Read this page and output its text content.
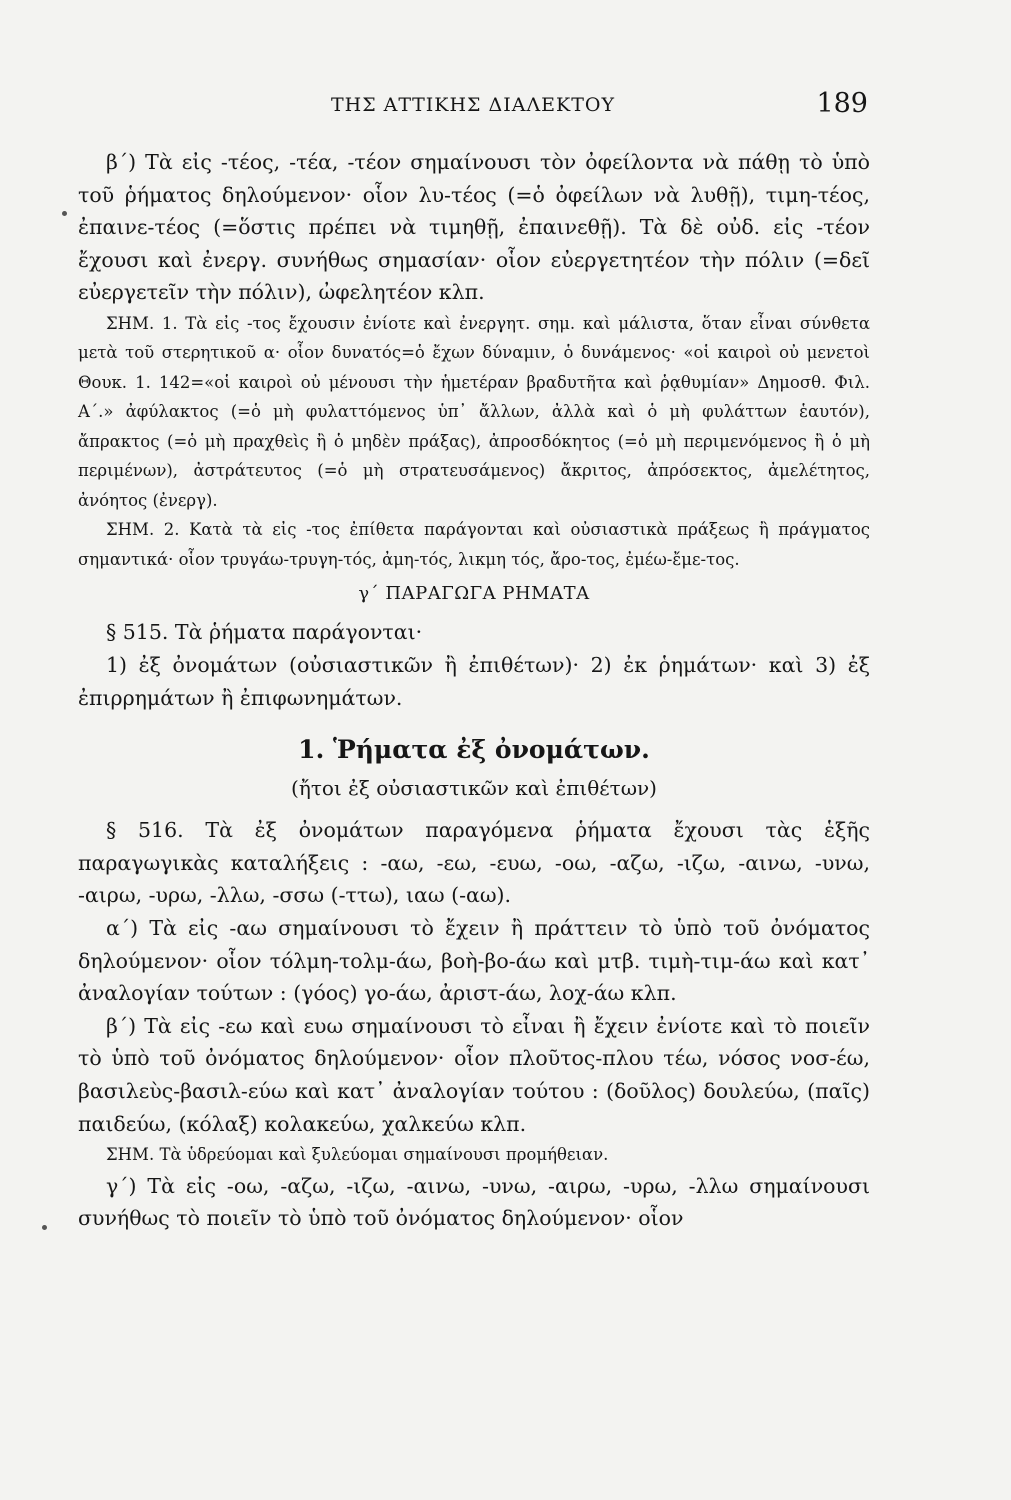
ΤΗΣ ΑΤΤΙΚΗΣ ΔΙΑΛΕΚΤΟΥ	189

β΄) Τὰ εἰς -τέος, -τέα, -τέον σημαίνουσι τὸν ὀφείλοντα νὰ πάθῃ τὸ ὑπὸ τοῦ ῥήματος δηλούμενον· οἷον λυ-τέος (=ὁ ὀφείλων νὰ λυθῇ), τιμη-τέος, ἐπαινε-τέος (=ὅστις πρέπει νὰ τιμηθῇ, ἐπαινεθῇ). Τὰ δὲ οὐδ. εἰς -τέον ἔχουσι καὶ ἐνεργ. συνήθως σημασίαν· οἷον εὐεργετητέον τὴν πόλιν (=δεῖ εὐεργετεῖν τὴν πόλιν), ὠφελητέον κλπ.

ΣΗΜ. 1. Τὰ εἰς -τος ἔχουσιν ἐνίοτε καὶ ἐνεργητ. σημ. καὶ μάλιστα, ὅταν εἶναι σύνθετα μετὰ τοῦ στερητικοῦ α· οἷον δυνατός=ὁ ἔχων δύναμιν, ὁ δυνάμενος· «οἱ καιροὶ οὐ μενετοὶ Θουκ. 1. 142=«οἱ καιροὶ οὐ μένουσι τὴν ἡμετέραν βραδυτῆτα καὶ ῥᾳθυμίαν» Δημοσθ. Φιλ. Α΄.» ἀφύλακτος (=ὁ μὴ φυλαττόμενος ὑπ᾽ ἄλλων, ἀλλὰ καὶ ὁ μὴ φυλάττων ἑαυτόν), ἄπρακτος (=ὁ μὴ πραχθεὶς ἢ ὁ μηδὲν πράξας), ἀπροσδόκητος (=ὁ μὴ περιμενόμενος ἢ ὁ μὴ περιμένων), ἀστράτευτος (=ὁ μὴ στρατευσάμενος) ἄκριτος, ἀπρόσεκτος, ἀμελέτητος, ἀνόητος (ἐνεργ).

ΣΗΜ. 2. Κατὰ τὰ εἰς -τος ἐπίθετα παράγονται καὶ οὐσιαστικὰ πράξεως ἢ πράγματος σημαντικά· οἷον τρυγάω-τρυγη-τός, ἀμη-τός, λικμη τός, ἄρο-τος, ἐμέω-ἔμε-τος.

γ΄ ΠΑΡΑΓΩΓΑ ΡΗΜΑΤΑ

§ 515. Τὰ ῥήματα παράγονται·

1) ἐξ ὀνομάτων (οὐσιαστικῶν ἢ ἐπιθέτων)· 2) ἐκ ῥημάτων· καὶ 3) ἐξ ἐπιρρημάτων ἢ ἐπιφωνημάτων.

1. Ῥήματα ἐξ ὀνομάτων.
(ἤτοι ἐξ οὐσιαστικῶν καὶ ἐπιθέτων)

§ 516. Τὰ ἐξ ὀνομάτων παραγόμενα ῥήματα ἔχουσι τὰς ἑξῆς παραγωγικὰς καταλήξεις : -αω, -εω, -ευω, -οω, -αζω, -ιζω, -αινω, -υνω, -αιρω, -υρω, -λλω, -σσω (-ττω), ιαω (-αω).

α΄) Τὰ εἰς -αω σημαίνουσι τὸ ἔχειν ἢ πράττειν τὸ ὑπὸ τοῦ ὀνόματος δηλούμενον· οἷον τόλμη-τολμ-άω, βοὴ-βο-άω καὶ μτβ. τιμὴ-τιμ-άω καὶ κατ᾽ ἀναλογίαν τούτων : (γόος) γο-άω, ἀριστ-άω, λοχ-άω κλπ.

β΄) Τὰ εἰς -εω καὶ ευω σημαίνουσι τὸ εἶναι ἢ ἔχειν ἐνίοτε καὶ τὸ ποιεῖν τὸ ὑπὸ τοῦ ὀνόματος δηλούμενον· οἷον πλοῦτος-πλου τέω, νόσος νοσ-έω, βασιλεὺς-βασιλ-εύω καὶ κατ᾽ ἀναλογίαν τούτου : (δοῦλος) δουλεύω, (παῖς) παιδεύω, (κόλαξ) κολακεύω, χαλκεύω κλπ.

ΣΗΜ. Τὰ ὑδρεύομαι καὶ ξυλεύομαι σημαίνουσι προμήθειαν.

γ΄) Τὰ εἰς -οω, -αζω, -ιζω, -αινω, -υνω, -αιρω, -υρω, -λλω σημαίνουσι συνήθως τὸ ποιεῖν τὸ ὑπὸ τοῦ ὀνόματος δηλούμενον· οἷον
